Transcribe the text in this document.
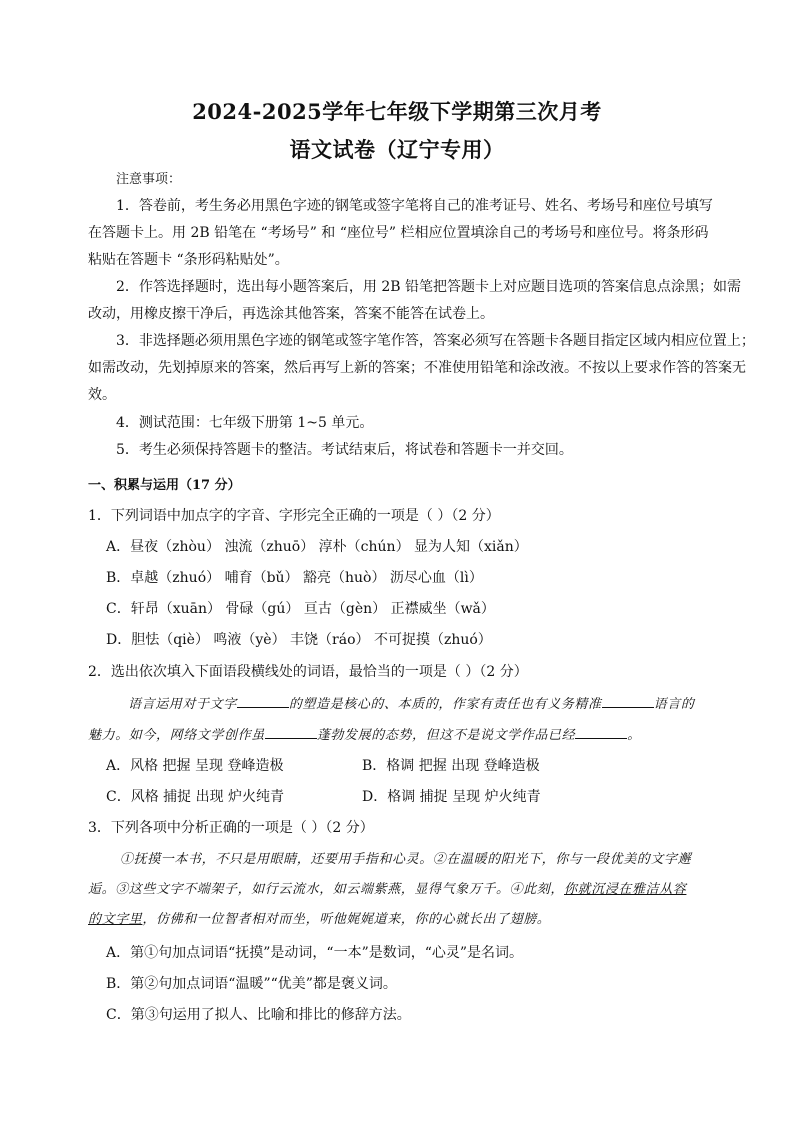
2024-2025学年七年级下学期第三次月考
语文试卷（辽宁专用）
注意事项：
1．答卷前，考生务必用黑色字迹的钢笔或签字笔将自己的准考证号、姓名、考场号和座位号填写
在答题卡上。用 2B 铅笔在 “考场号” 和 “座位号” 栏相应位置填涂自己的考场号和座位号。将条形码
粘贴在答题卡 “条形码粘贴处”。
2．作答选择题时，选出每小题答案后，用 2B 铅笔把答题卡上对应题目选项的答案信息点涂黑；如需
改动，用橡皮擦干净后，再选涂其他答案，答案不能答在试卷上。
3．非选择题必须用黑色字迹的钢笔或签字笔作答，答案必须写在答题卡各题目指定区域内相应位置上；
如需改动，先划掉原来的答案，然后再写上新的答案；不准使用铅笔和涂改液。不按以上要求作答的答案无
效。
4．测试范围：七年级下册第 1~5 单元。
5．考生必须保持答题卡的整洁。考试结束后，将试卷和答题卡一并交回。
一、积累与运用（17 分）
1．下列词语中加点字的字音、字形完全正确的一项是（ ）（2 分）
A．昼夜（zhòu） 浊流（zhuō） 淳朴（chún） 显为人知（xiǎn）
B．卓越（zhuó） 哺育（bǔ） 豁亮（huò） 沥尽心血（lì）
C．轩昂（xuān） 骨碌（gú） 亘古（gèn） 正襟威坐（wǎ）
D．胆怯（qiè） 鸣液（yè） 丰饶（ráo） 不可捉摸（zhuó）
2．选出依次填入下面语段横线处的词语，最恰当的一项是（ ）（2 分）
语言运用对于文字	的塑造是核心的、本质的，作家有责任也有义务精准	语言的
魅力。如今，网络文学创作虽	蓬勃发展的态势，但这不是说文学作品已经	。
A．风格 把握 呈现 登峰造极	B．格调 把握 出现 登峰造极
C．风格 捕捉 出现 炉火纯青	D．格调 捕捉 呈现 炉火纯青
3．下列各项中分析正确的一项是（ ）（2 分）
①抚摸一本书，不只是用眼睛，还要用手指和心灵。②在温暖的阳光下，你与一段优美的文字邂
逅。③这些文字不端架子，如行云流水，如云端紫燕，显得气象万千。④此刻，你就沉浸在雅洁从容
的文字里，仿佛和一位智者相对而坐，听他娓娓道来，你的心就长出了翅膀。
A．第①句加点词语“抚摸”是动词，“一本”是数词，“心灵”是名词。
B．第②句加点词语“温暖”“优美”都是褒义词。
C．第③句运用了拟人、比喻和排比的修辞方法。
